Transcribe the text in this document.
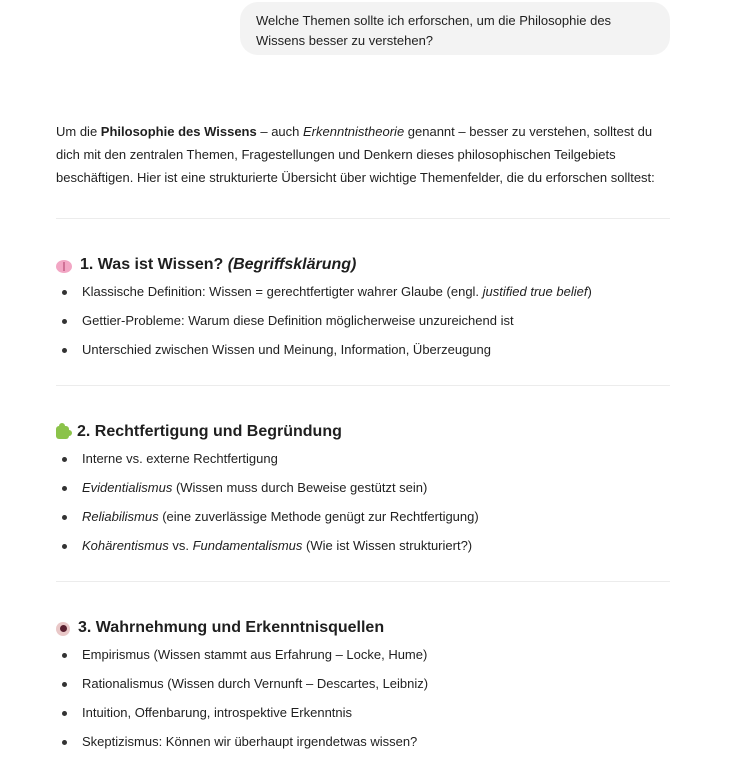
Welche Themen sollte ich erforschen, um die Philosophie des Wissens besser zu verstehen?

Um die Philosophie des Wissens – auch Erkenntnistheorie genannt – besser zu verstehen, solltest du dich mit den zentralen Themen, Fragestellungen und Denkern dieses philosophischen Teilgebiets beschäftigen. Hier ist eine strukturierte Übersicht über wichtige Themenfelder, die du erforschen solltest:

1.
Was ist Wissen?
(Begriffsklärung)
Klassische Definition: Wissen = gerechtfertigter wahrer Glaube (engl. justified true belief)
Gettier-Probleme: Warum diese Definition möglicherweise unzureichend ist
Unterschied zwischen Wissen und Meinung, Information, Überzeugung
2.
Rechtfertigung und Begründung
Interne vs. externe Rechtfertigung
Evidentialismus (Wissen muss durch Beweise gestützt sein)
Reliabilismus (eine zuverlässige Methode genügt zur Rechtfertigung)
Kohärentismus vs. Fundamentalismus (Wie ist Wissen strukturiert?)
3.
Wahrnehmung und Erkenntnisquellen
Empirismus (Wissen stammt aus Erfahrung – Locke, Hume)
Rationalismus (Wissen durch Vernunft – Descartes, Leibniz)
Intuition, Offenbarung, introspektive Erkenntnis
Skeptizismus: Können wir überhaupt irgendetwas wissen?
